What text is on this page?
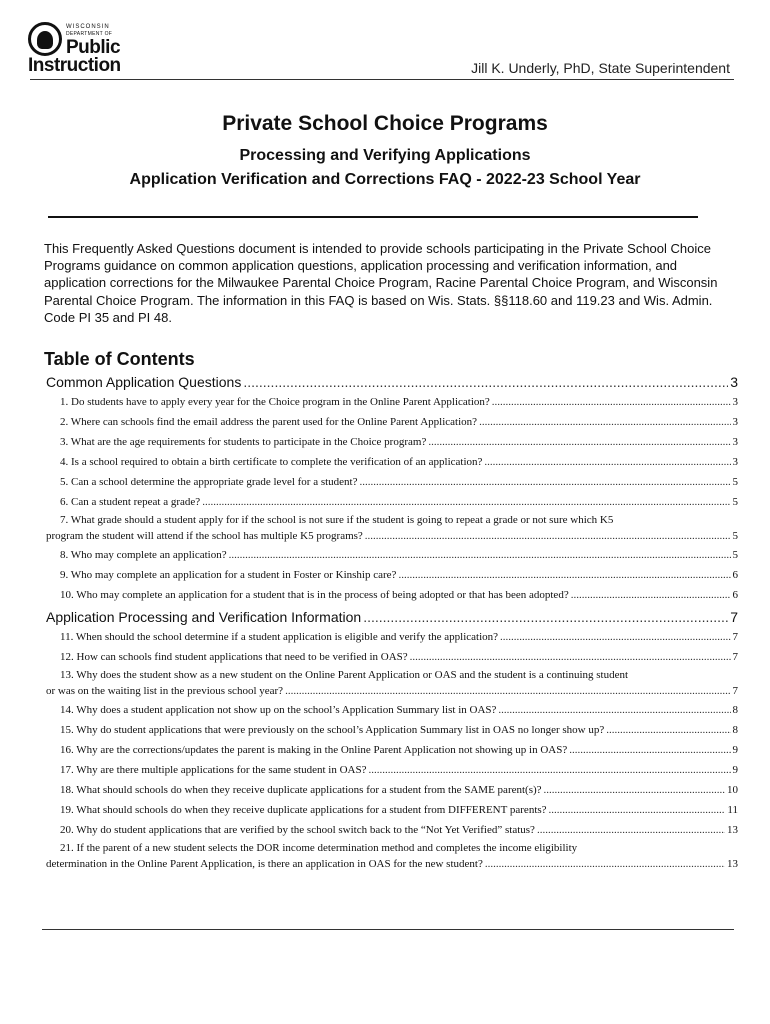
WISCONSIN
DEPARTMENT OF
Public
Instruction	Jill K. Underly, PhD, State Superintendent
Private School Choice Programs
Processing and Verifying Applications
Application Verification and Corrections FAQ - 2022-23 School Year
This Frequently Asked Questions document is intended to provide schools participating in the Private School Choice Programs guidance on common application questions, application processing and verification information, and application corrections for the Milwaukee Parental Choice Program, Racine Parental Choice Program, and Wisconsin Parental Choice Program. The information in this FAQ is based on Wis. Stats. §§118.60 and 119.23 and Wis. Admin. Code PI 35 and PI 48.
Table of Contents
Common Application Questions .....	3
1. Do students have to apply every year for the Choice program in the Online Parent Application? .....	3
2. Where can schools find the email address the parent used for the Online Parent Application? .....	3
3. What are the age requirements for students to participate in the Choice program? .....	3
4. Is a school required to obtain a birth certificate to complete the verification of an application? .....	3
5. Can a school determine the appropriate grade level for a student? .....	5
6. Can a student repeat a grade? .....	5
7. What grade should a student apply for if the school is not sure if the student is going to repeat a grade or not sure which K5
program the student will attend if the school has multiple K5 programs? .....	5
8. Who may complete an application? .....	5
9. Who may complete an application for a student in Foster or Kinship care? .....	6
10. Who may complete an application for a student that is in the process of being adopted or that has been adopted? .....	6
Application Processing and Verification Information .....	7
11. When should the school determine if a student application is eligible and verify the application? .....	7
12. How can schools find student applications that need to be verified in OAS? .....	7
13. Why does the student show as a new student on the Online Parent Application or OAS and the student is a continuing student
or was on the waiting list in the previous school year? .....	7
14. Why does a student application not show up on the school’s Application Summary list in OAS? .....	8
15. Why do student applications that were previously on the school’s Application Summary list in OAS no longer show up? .....	8
16. Why are the corrections/updates the parent is making in the Online Parent Application not showing up in OAS? .....	9
17. Why are there multiple applications for the same student in OAS? .....	9
18. What should schools do when they receive duplicate applications for a student from the SAME parent(s)? .....	10
19. What should schools do when they receive duplicate applications for a student from DIFFERENT parents? .....	11
20. Why do student applications that are verified by the school switch back to the “Not Yet Verified” status? .....	13
21. If the parent of a new student selects the DOR income determination method and completes the income eligibility
determination in the Online Parent Application, is there an application in OAS for the new student? .....	13
